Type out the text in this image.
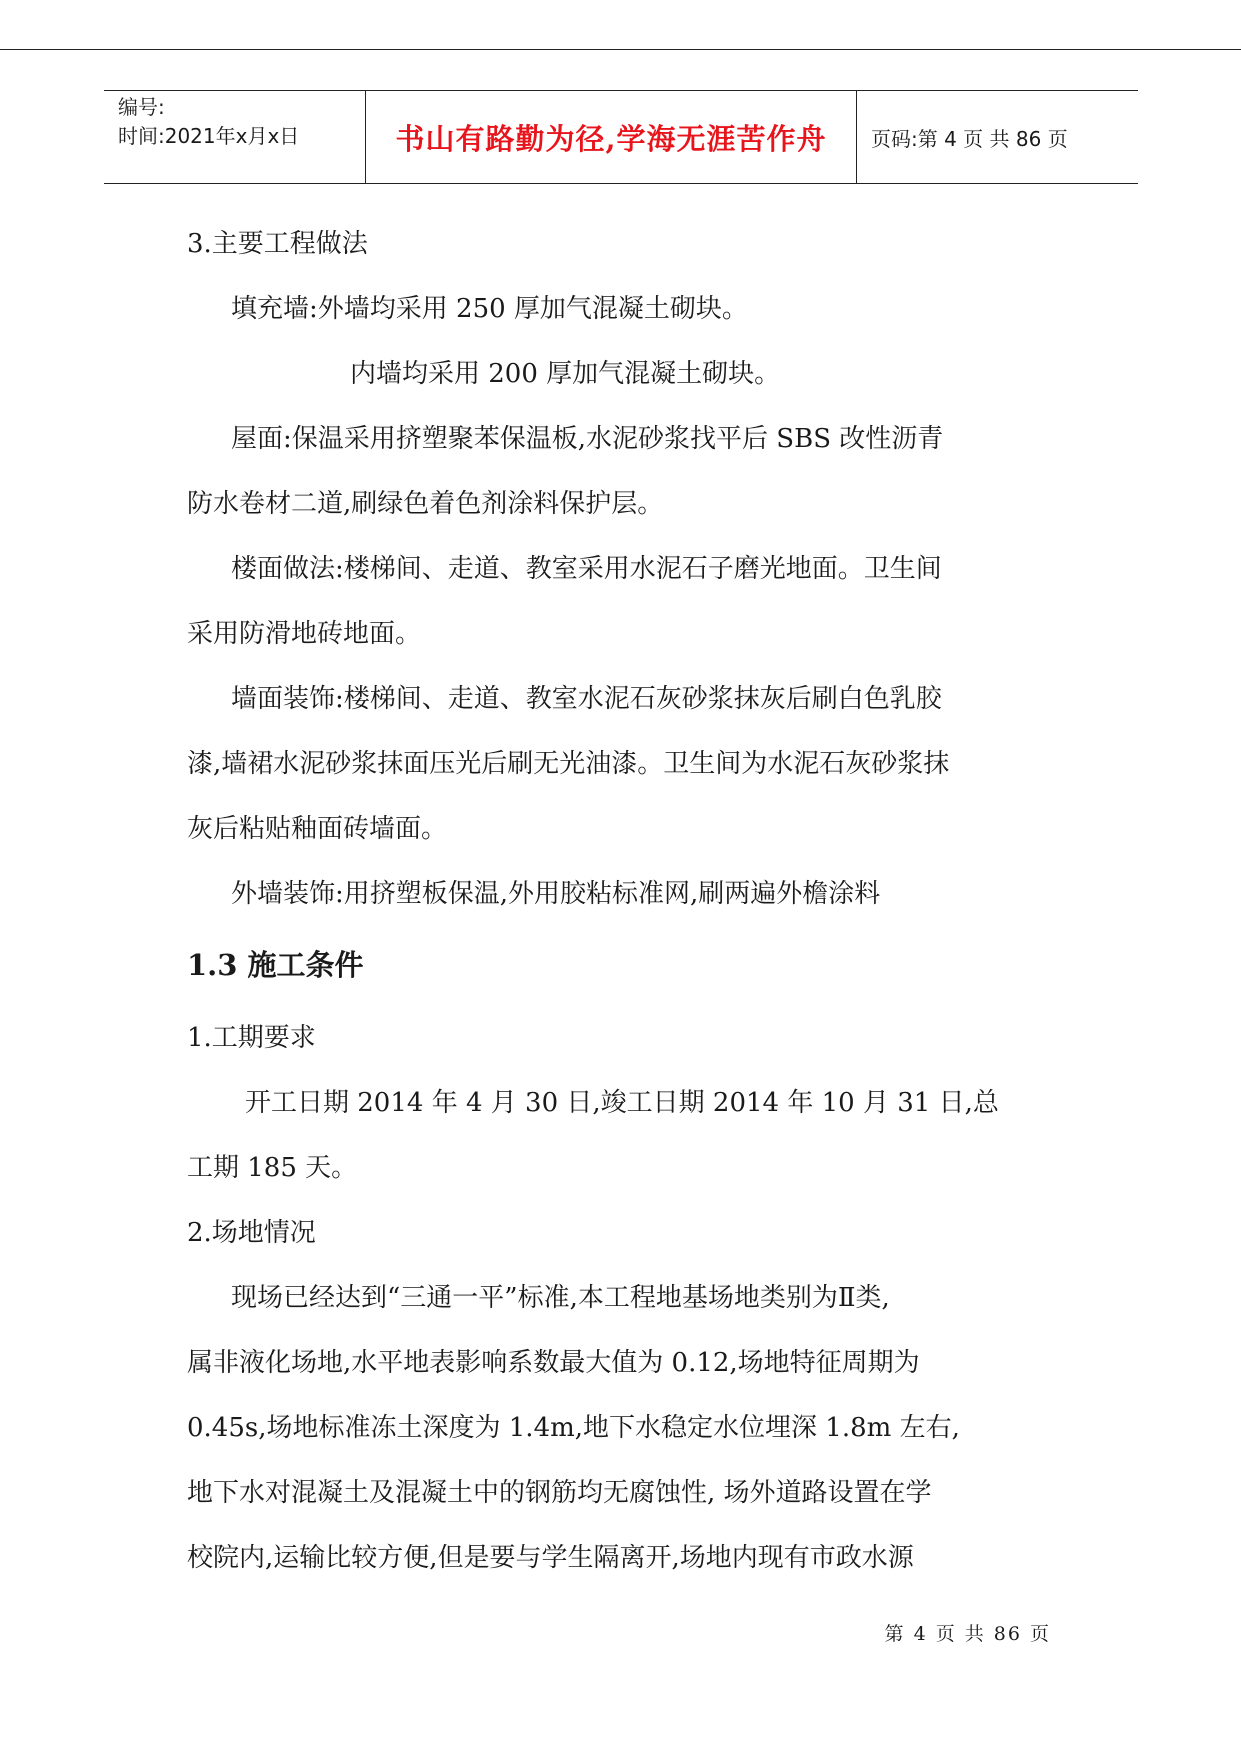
编号:
时间:2021年x月x日	书山有路勤为径,学海无涯苦作舟	页码:第 4 页 共 86 页

3.主要工程做法

填充墙:外墙均采用 250 厚加气混凝土砌块。

内墙均采用 200 厚加气混凝土砌块。

屋面:保温采用挤塑聚苯保温板,水泥砂浆找平后 SBS 改性沥青

防水卷材二道,刷绿色着色剂涂料保护层。

楼面做法:楼梯间、走道、教室采用水泥石子磨光地面。卫生间

采用防滑地砖地面。

墙面装饰:楼梯间、走道、教室水泥石灰砂浆抹灰后刷白色乳胶

漆,墙裙水泥砂浆抹面压光后刷无光油漆。卫生间为水泥石灰砂浆抹

灰后粘贴釉面砖墙面。

外墙装饰:用挤塑板保温,外用胶粘标准网,刷两遍外檐涂料

1.3 施工条件

1.工期要求

开工日期 2014 年 4 月 30 日,竣工日期 2014 年 10 月 31 日,总

工期 185 天。

2.场地情况

现场已经达到“三通一平”标准,本工程地基场地类别为Ⅱ类,

属非液化场地,水平地表影响系数最大值为 0.12,场地特征周期为

0.45s,场地标准冻土深度为 1.4m,地下水稳定水位埋深 1.8m 左右,

地下水对混凝土及混凝土中的钢筋均无腐蚀性, 场外道路设置在学

校院内,运输比较方便,但是要与学生隔离开,场地内现有市政水源

第 4 页 共 86 页
